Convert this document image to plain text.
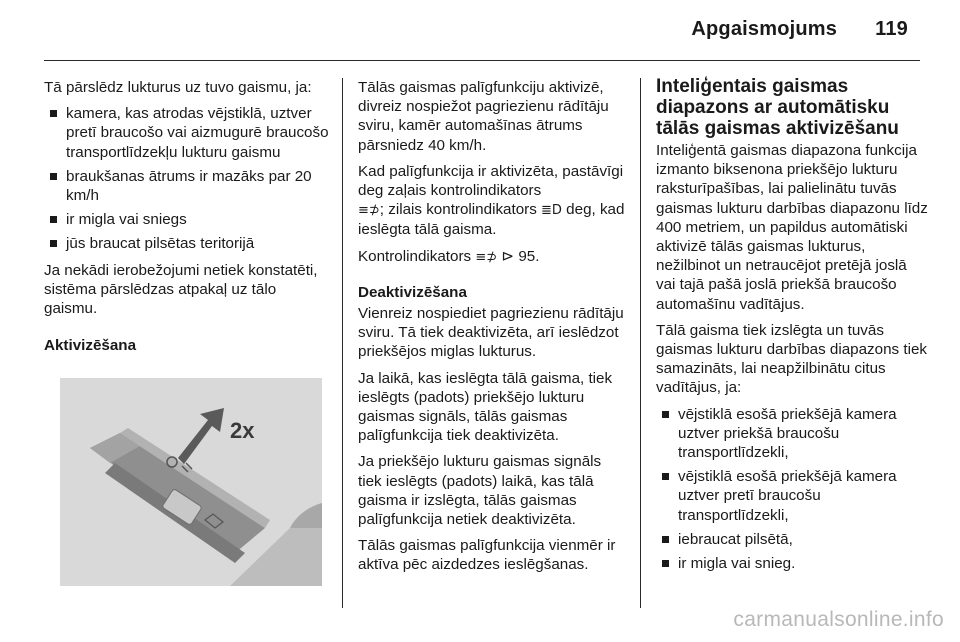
Apgaismojums 119

Tā pārslēdz lukturus uz tuvo gaismu, ja:

kamera, kas atrodas vējstiklā, uztver pretī braucošo vai aizmugurē braucošo transportlīdzekļu lukturu gaismu
braukšanas ātrums ir mazāks par 20 km/h
ir migla vai sniegs
jūs braucat pilsētas teritorijā

Ja nekādi ierobežojumi netiek konstatēti, sistēma pārslēdzas atpakaļ uz tālo gaismu.

Aktivizēšana
2x

Tālās gaismas palīgfunkciju aktivizē, divreiz nospiežot pagriezienu rādītāju sviru, kamēr automašīnas ātrums pārsniedz 40 km/h.

Kad palīgfunkcija ir aktivizēta, pastāvīgi deg zaļais kontrolindikators
≡⊅; zilais kontrolindikators ≣D deg, kad ieslēgta tālā gaisma.

Kontrolindikators ≡⊅ ⊳ 95.

Deaktivizēšana

Vienreiz nospiediet pagriezienu rādītāju sviru. Tā tiek deaktivizēta, arī ieslēdzot priekšējos miglas lukturus.

Ja laikā, kas ieslēgta tālā gaisma, tiek ieslēgts (padots) priekšējo lukturu gaismas signāls, tālās gaismas palīgfunkcija tiek deaktivizēta.

Ja priekšējo lukturu gaismas signāls tiek ieslēgts (padots) laikā, kas tālā gaisma ir izslēgta, tālās gaismas palīgfunkcija netiek deaktivizēta.

Tālās gaismas palīgfunkcija vienmēr ir aktīva pēc aizdedzes ieslēgšanas.

Inteliģentais gaismas diapazons ar automātisku tālās gaismas aktivizēšanu

Inteliģentā gaismas diapazona funkcija izmanto biksenona priekšējo lukturu raksturīpašības, lai palielinātu tuvās gaismas lukturu darbības diapazonu līdz 400 metriem, un papildus automātiski aktivizē tālās gaismas lukturus, nežilbinot un netraucējot pretējā joslā vai tajā pašā joslā priekšā braucošo automašīnu vadītājus.

Tālā gaisma tiek izslēgta un tuvās gaismas lukturu darbības diapazons tiek samazināts, lai neapžilbinātu citus vadītājus, ja:

vējstiklā esošā priekšējā kamera uztver priekšā braucošu transportlīdzekli,
vējstiklā esošā priekšējā kamera uztver pretī braucošu transportlīdzekli,
iebraucat pilsētā,
ir migla vai snieg.
carmanualsonline.info
